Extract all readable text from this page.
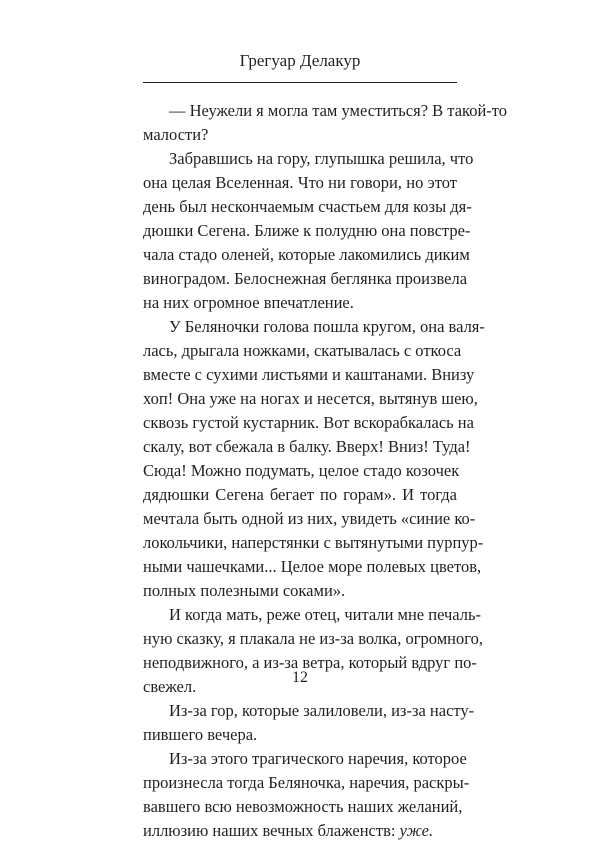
Грегуар Делакур
— Неужели я могла там уместиться? В такой-то
малости?
Забравшись на гору, глупышка решила, что
она целая Вселенная. Что ни говори, но этот
день был нескончаемым счастьем для козы дя-
дюшки Сегена. Ближе к полудню она повстре-
чала стадо оленей, которые лакомились диким
виноградом. Белоснежная беглянка произвела
на них огромное впечатление.
У Беляночки голова пошла кругом, она валя-
лась, дрыгала ножками, скатывалась с откоса
вместе с сухими листьями и каштанами. Внизу
хоп! Она уже на ногах и несется, вытянув шею,
сквозь густой кустарник. Вот вскорабкалась на
скалу, вот сбежала в балку. Вверх! Вниз! Туда!
Сюда! Можно подумать, целое стадо козочек
дядюшки Сегена бегает по горам». И тогда
мечтала быть одной из них, увидеть «синие ко-
локольчики, наперстянки с вытянутыми пурпур-
ными чашечками... Целое море полевых цветов,
полных полезными соками».
И когда мать, реже отец, читали мне печаль-
ную сказку, я плакала не из-за волка, огромного,
неподвижного, а из-за ветра, который вдруг по-
свежел.
Из-за гор, которые залиловели, из-за насту-
пившего вечера.
Из-за этого трагического наречия, которое
произнесла тогда Беляночка, наречия, раскры-
вавшего всю невозможность наших желаний,
иллюзию наших вечных блаженств: уже.
12
